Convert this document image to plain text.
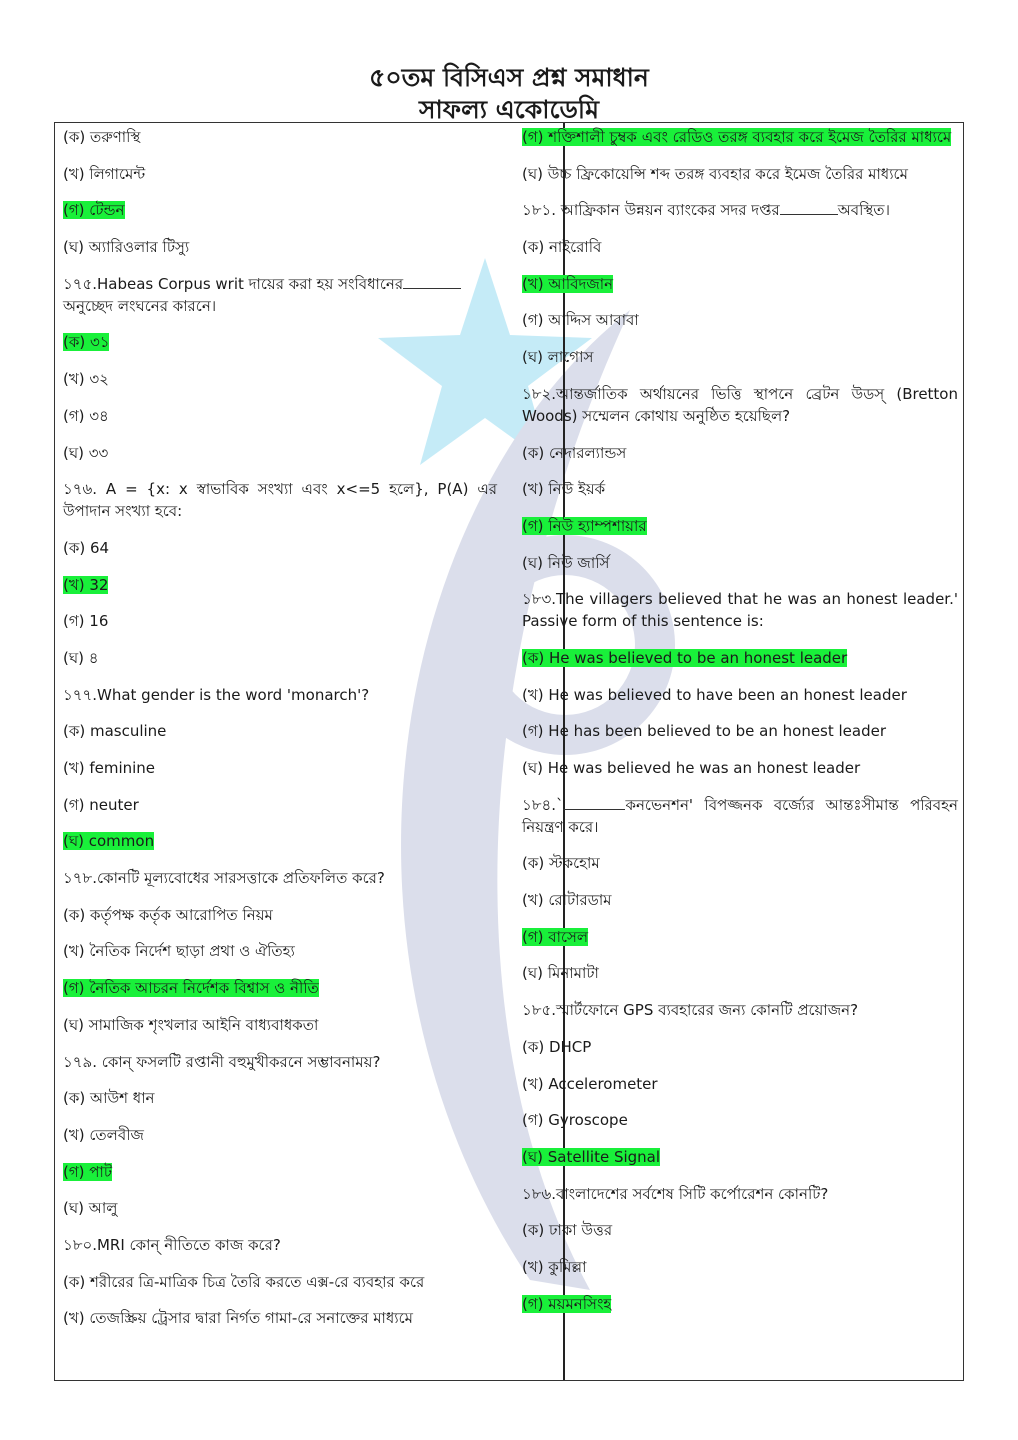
৫০তম বিসিএস প্রশ্ন সমাধান
সাফল্য একোডেমি
(ক) তরুণাস্থি
(খ) লিগামেন্ট
(গ) টেন্ডন
(ঘ) অ্যারিওলার টিস্যু
১৭৫.Habeas Corpus writ দায়ের করা হয় সংবিধানের
অনুচ্ছেদ লংঘনের কারনে।
(ক) ৩১
(খ) ৩২
(গ) ৩৪
(ঘ) ৩৩
১৭৬. A = {x: x স্বাভাবিক সংখ্যা এবং x<=5 হলে}, P(A) এর উপাদান সংখ্যা হবে:
(ক) 64
(খ) 32
(গ) 16
(ঘ) ৪
১৭৭.What gender is the word 'monarch'?
(ক) masculine
(খ) feminine
(গ) neuter
(ঘ) common
১৭৮.কোনটি মূল্যবোধের সারসত্তাকে প্রতিফলিত করে?
(ক) কর্তৃপক্ষ কর্তৃক আরোপিত নিয়ম
(খ) নৈতিক নির্দেশ ছাড়া প্রথা ও ঐতিহ্য
(গ) নৈতিক আচরন নির্দেশক বিশ্বাস ও নীতি
(ঘ) সামাজিক শৃংখলার আইনি বাধ্যবাধকতা
১৭৯. কোন্ ফসলটি রপ্তানী বহুমুখীকরনে সম্ভাবনাময়?
(ক) আউশ ধান
(খ) তেলবীজ
(গ) পাট
(ঘ) আলু
১৮০.MRI কোন্ নীতিতে কাজ করে?
(ক) শরীরের ত্রি-মাত্রিক চিত্র তৈরি করতে এক্স-রে ব্যবহার করে
(খ) তেজস্ক্রিয় ট্রেসার দ্বারা নির্গত গামা-রে সনাক্তের মাধ্যমে
(গ) শক্তিশালী চুম্বক এবং রেডিও তরঙ্গ ব্যবহার করে ইমেজ তৈরির মাধ্যমে
(ঘ) উচ্চ ফ্রিকোয়েন্সি শব্দ তরঙ্গ ব্যবহার করে ইমেজ তৈরির মাধ্যমে
১৮১. আফ্রিকান উন্নয়ন ব্যাংকের সদর দপ্তর	অবস্থিত।
(ক) নাইরোবি
(খ) আবিদজান
(গ) আদ্দিস আবাবা
(ঘ) লাগোস
১৮২.আন্তর্জাতিক অর্থায়নের ভিত্তি স্থাপনে ব্রেটন উডস্ (Bretton Woods) সম্মেলন কোথায় অনুষ্ঠিত হয়েছিল?
(ক) নেদারল্যান্ডস
(খ) নিউ ইয়র্ক
(গ) নিউ হ্যাম্পশায়ার
(ঘ) নিউ জার্সি
১৮৩.The villagers believed that he was an honest leader.' Passive form of this sentence is:
(ক) He was believed to be an honest leader
(খ) He was believed to have been an honest leader
(গ) He has been believed to be an honest leader
(ঘ) He was believed he was an honest leader
১৮৪.`	কনভেনশন' বিপজ্জনক বর্জ্যের আন্তঃসীমান্ত পরিবহন নিয়ন্ত্রণ করে।
(ক) স্টকহোম
(খ) রোটারডাম
(গ) বাসেল
(ঘ) মিনামাটা
১৮৫.স্মার্টফোনে GPS ব্যবহারের জন্য কোনটি প্রয়োজন?
(ক) DHCP
(খ) Accelerometer
(গ) Gyroscope
(ঘ) Satellite Signal
১৮৬.বাংলাদেশের সর্বশেষ সিটি কর্পোরেশন কোনটি?
(ক) ঢাকা উত্তর
(খ) কুমিল্লা
(গ) ময়মনসিংহ
